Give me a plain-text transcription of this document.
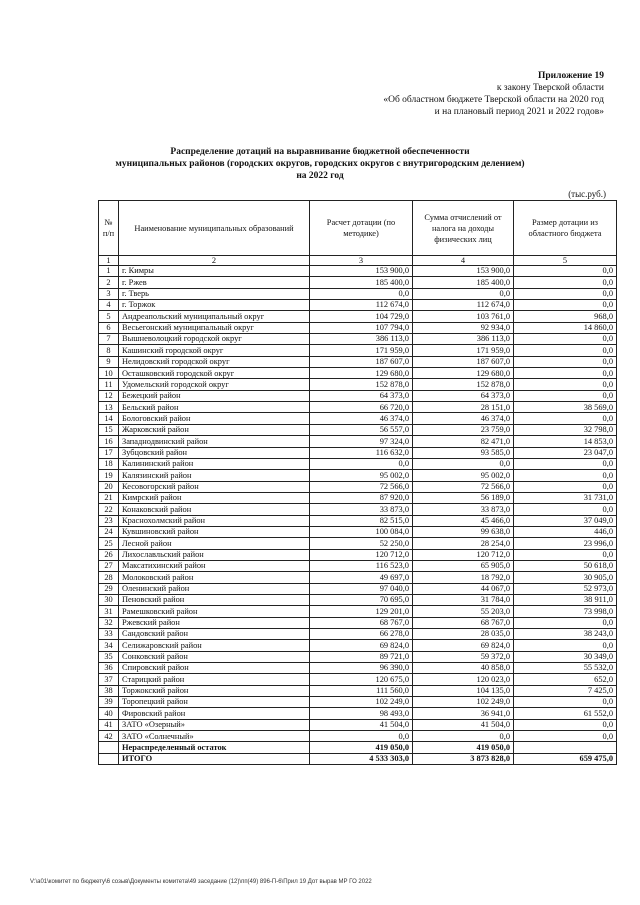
Приложение 19
к закону Тверской области
«Об областном бюджете Тверской области на 2020 год
и на плановый период 2021 и 2022 годов»
Распределение дотаций на выравнивание бюджетной обеспеченности
муниципальных районов (городских округов, городских округов с внутригородским делением)
на 2022 год
(тыс.руб.)
№ п/п	Наименование муниципальных образований	Расчет дотации (по методике)	Сумма отчислений от налога на доходы физических лиц	Размер дотации из областного бюджета
1	2	3	4	5
1	г. Кимры	153 900,0	153 900,0	0,0
2	г. Ржев	185 400,0	185 400,0	0,0
3	г. Тверь	0,0	0,0	0,0
4	г. Торжок	112 674,0	112 674,0	0,0
5	Андреапольский муниципальный округ	104 729,0	103 761,0	968,0
6	Весьегонский муниципальный округ	107 794,0	92 934,0	14 860,0
7	Вышневолоцкий городской округ	386 113,0	386 113,0	0,0
8	Кашинский городской округ	171 959,0	171 959,0	0,0
9	Нелидовский городской округ	187 607,0	187 607,0	0,0
10	Осташковский городской округ	129 680,0	129 680,0	0,0
11	Удомельский городской округ	152 878,0	152 878,0	0,0
12	Бежецкий район	64 373,0	64 373,0	0,0
13	Бельский район	66 720,0	28 151,0	38 569,0
14	Бологовский район	46 374,0	46 374,0	0,0
15	Жарковский район	56 557,0	23 759,0	32 798,0
16	Западнодвинский район	97 324,0	82 471,0	14 853,0
17	Зубцовский район	116 632,0	93 585,0	23 047,0
18	Калининский район	0,0	0,0	0,0
19	Калязинский район	95 002,0	95 002,0	0,0
20	Кесовогорский район	72 566,0	72 566,0	0,0
21	Кимрский район	87 920,0	56 189,0	31 731,0
22	Конаковский район	33 873,0	33 873,0	0,0
23	Краснохолмский район	82 515,0	45 466,0	37 049,0
24	Кувшиновский район	100 084,0	99 638,0	446,0
25	Лесной район	52 250,0	28 254,0	23 996,0
26	Лихославльский район	120 712,0	120 712,0	0,0
27	Максатихинский район	116 523,0	65 905,0	50 618,0
28	Молоковский район	49 697,0	18 792,0	30 905,0
29	Оленинский район	97 040,0	44 067,0	52 973,0
30	Пеновский район	70 695,0	31 784,0	38 911,0
31	Рамешковский район	129 201,0	55 203,0	73 998,0
32	Ржевский район	68 767,0	68 767,0	0,0
33	Сандовский район	66 278,0	28 035,0	38 243,0
34	Селижаровский район	69 824,0	69 824,0	0,0
35	Сонковский район	89 721,0	59 372,0	30 349,0
36	Спировский район	96 390,0	40 858,0	55 532,0
37	Старицкий район	120 675,0	120 023,0	652,0
38	Торжокский район	111 560,0	104 135,0	7 425,0
39	Торопецкий район	102 249,0	102 249,0	0,0
40	Фировский район	98 493,0	36 941,0	61 552,0
41	ЗАТО «Озерный»	41 504,0	41 504,0	0,0
42	ЗАТО «Солнечный»	0,0	0,0	0,0
	Нераспределенный остаток	419 050,0	419 050,0	
	ИТОГО	4 533 303,0	3 873 828,0	659 475,0
V:\a01\комитет по бюджету\6 созыв\Документы комитета\49 заседание (12)\пп(49) 896-П-6\Прил 19 Дот вырав МР ГО 2022
